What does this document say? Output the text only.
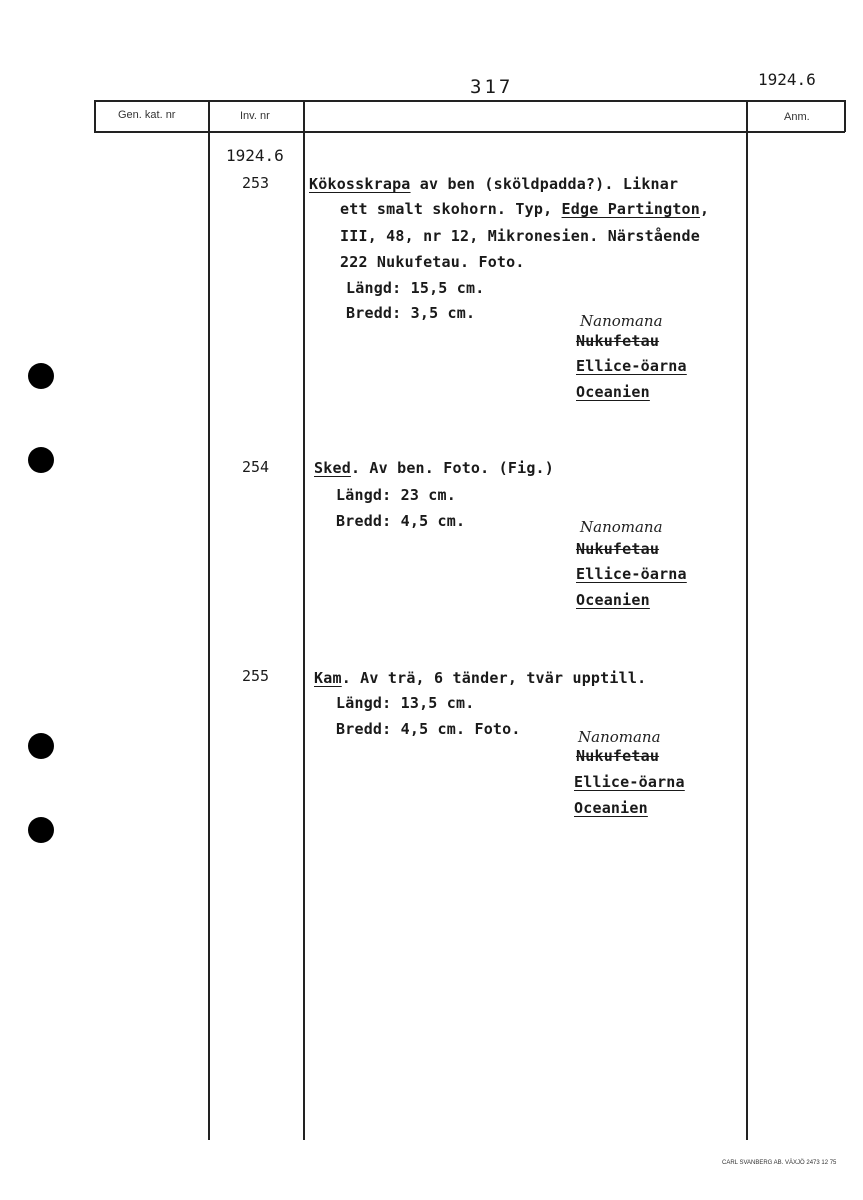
317	1924.6
Gen. kat. nr	Inv. nr	Anm.
1924.6
253	Kökosskrapa av ben (sköldpadda?). Liknar
ett smalt skohorn. Typ, Edge Partington,
III, 48, nr 12, Mikronesien. Närstående
222 Nukufetau. Foto.
Längd: 15,5 cm.
Bredd: 3,5 cm.	Nanomana
Nukufetau
Ellice-öarna
Oceanien
254	Sked. Av ben. Foto. (Fig.)
Längd: 23 cm.
Bredd: 4,5 cm.	Nanomana
Nukufetau
Ellice-öarna
Oceanien
255	Kam. Av trä, 6 tänder, tvär upptill.
Längd: 13,5 cm.
Bredd: 4,5 cm. Foto.	Nanomana
Nukufetau
Ellice-öarna
Oceanien
CARL SVANBERG AB. VÄXJÖ 2473 12 75
